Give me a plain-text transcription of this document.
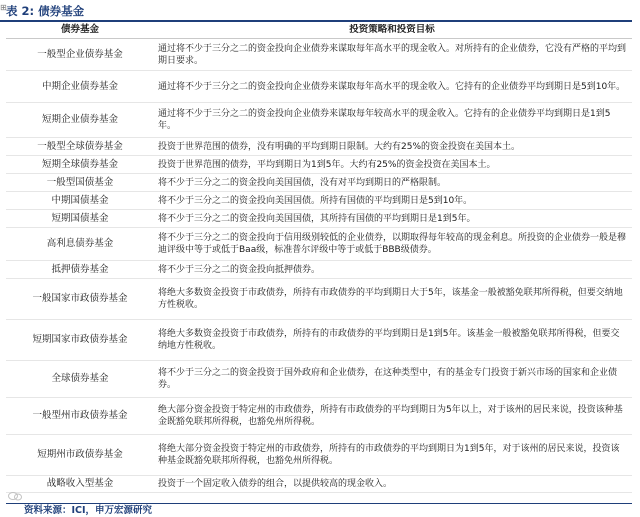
⊞ 表 2: 债券基金
债券基金	投资策略和投资目标
一般型企业债券基金	通过将不少于三分之二的资金投向企业债券来谋取每年高水平的现金收入。对所持有的企业债券，它没有严格的平均到期日要求。
中期企业债券基金	通过将不少于三分之二的资金投向企业债券来谋取每年高水平的现金收入。它持有的企业债券平均到期日是5到10年。
短期企业债券基金	通过将不少于三分之二的资金投向企业债券来谋取每年较高水平的现金收入。它持有的企业债券平均到期日是1到5年。
一般型全球债券基金	投资于世界范围的债券，没有明确的平均到期日限制。大约有25%的资金投资在美国本土。
短期全球债券基金	投资于世界范围的债券，平均到期日为1到5年。大约有25%的资金投资在美国本土。
一般型国债基金	将不少于三分之二的资金投向美国国债，没有对平均到期日的严格限制。
中期国债基金	将不少于三分之二的资金投向美国国债。所持有国债的平均到期日是5到10年。
短期国债基金	将不少于三分之二的资金投向美国国债，其所持有国债的平均到期日是1到5年。
高利息债券基金	将不少于三分之二的资金投向于信用级别较低的企业债券，以期取得每年较高的现金利息。所投资的企业债券一般是穆迪评级中等于或低于Baa级，标准普尔评级中等于或低于BBB级债券。
抵押债券基金	将不少于三分之二的资金投向抵押债券。
一般国家市政债券基金	将绝大多数资金投资于市政债券，所持有市政债券的平均到期日大于5年，该基金一般被豁免联邦所得税，但要交纳地方性税收。
短期国家市政债券基金	将绝大多数资金投资于市政债券，所持有的市政债券的平均到期日是1到5年。该基金一般被豁免联邦所得税，但要交纳地方性税收。
全球债券基金	将不少于三分之二的资金投资于国外政府和企业债券，在这种类型中，有的基金专门投资于新兴市场的国家和企业债券。
一般型州市政债券基金	绝大部分资金投资于特定州的市政债券，所持有市政债券的平均到期日为5年以上，对于该州的居民来说，投资该种基金既豁免联邦所得税，也豁免州所得税。
短期州市政债券基金	将绝大部分资金投资于特定州的市政债券，所持有的市政债券的平均到期日为1到5年，对于该州的居民来说，投资该种基金既豁免联邦所得税，也豁免州所得税。
战略收入型基金	投资于一个固定收入债券的组合，以提供较高的现金收入。
资料来源：ICI，申万宏源研究
